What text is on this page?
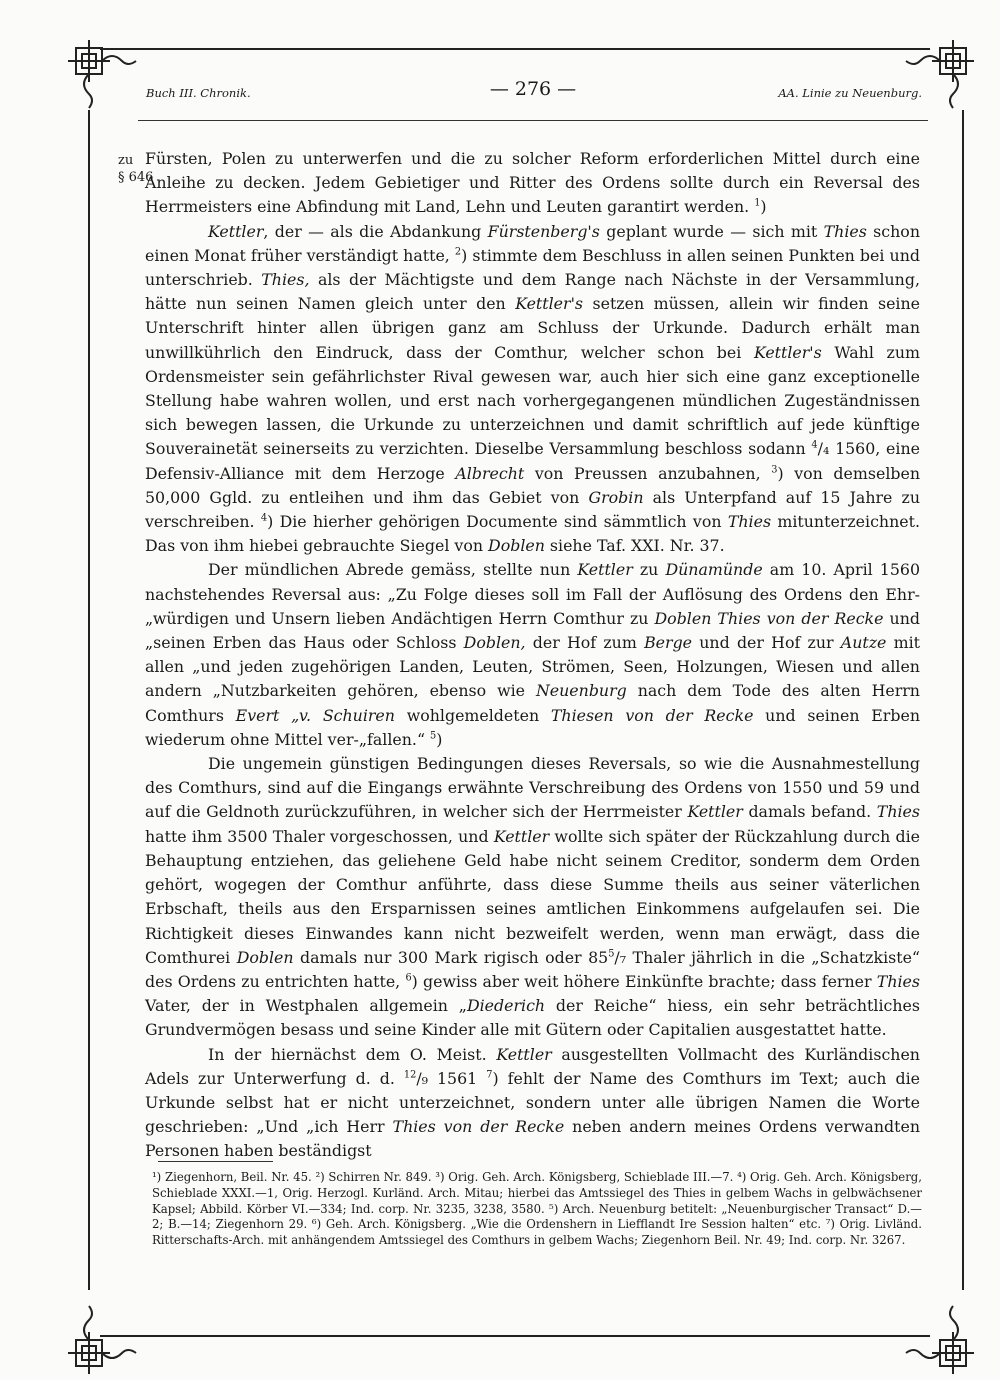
Buch III. Chronik.	— 276 —	AA. Linie zu Neuenburg.
zu
§ 646

Fürsten, Polen zu unterwerfen und die zu solcher Reform erforderlichen Mittel durch eine Anleihe zu decken. Jedem Gebietiger und Ritter des Ordens sollte durch ein Reversal des Herrmeisters eine Abfindung mit Land, Lehn und Leuten garantirt werden. $^1$)

Kettler, der — als die Abdankung Fürstenberg's geplant wurde — sich mit Thies schon einen Monat früher verständigt hatte, $^2$) stimmte dem Beschluss in allen seinen Punkten bei und unterschrieb. Thies, als der Mächtigste und dem Range nach Nächste in der Versammlung, hätte nun seinen Namen gleich unter den Kettler's setzen müssen, allein wir finden seine Unterschrift hinter allen übrigen ganz am Schluss der Urkunde. Dadurch erhält man unwillkührlich den Eindruck, dass der Comthur, welcher schon bei Kettler's Wahl zum Ordensmeister sein gefährlichster Rival gewesen war, auch hier sich eine ganz exceptionelle Stellung habe wahren wollen, und erst nach vorhergegangenen mündlichen Zugeständnissen sich bewegen lassen, die Urkunde zu unterzeichnen und damit schriftlich auf jede künftige Souverainetät seinerseits zu verzichten. Dieselbe Versammlung beschloss sodann $^4$/₄ 1560, eine Defensiv-Alliance mit dem Herzoge Albrecht von Preussen anzubahnen, $^3$) von demselben 50,000 Ggld. zu entleihen und ihm das Gebiet von Grobin als Unterpfand auf 15 Jahre zu verschreiben. $^4$) Die hierher gehörigen Documente sind sämmtlich von Thies mitunterzeichnet. Das von ihm hiebei gebrauchte Siegel von Doblen siehe Taf. XXI. Nr. 37.

Der mündlichen Abrede gemäss, stellte nun Kettler zu Dünamünde am 10. April 1560 nachstehendes Reversal aus: „Zu Folge dieses soll im Fall der Auflösung des Ordens den Ehr-„würdigen und Unsern lieben Andächtigen Herrn Comthur zu Doblen Thies von der Recke und „seinen Erben das Haus oder Schloss Doblen, der Hof zum Berge und der Hof zur Autze mit allen „und jeden zugehörigen Landen, Leuten, Strömen, Seen, Holzungen, Wiesen und allen andern „Nutzbarkeiten gehören, ebenso wie Neuenburg nach dem Tode des alten Herrn Comthurs Evert „v. Schuiren wohlgemeldeten Thiesen von der Recke und seinen Erben wiederum ohne Mittel ver-„fallen.“ $^5$)

Die ungemein günstigen Bedingungen dieses Reversals, so wie die Ausnahmestellung des Comthurs, sind auf die Eingangs erwähnte Verschreibung des Ordens von 1550 und 59 und auf die Geldnoth zurückzuführen, in welcher sich der Herrmeister Kettler damals befand. Thies hatte ihm 3500 Thaler vorgeschossen, und Kettler wollte sich später der Rückzahlung durch die Behauptung entziehen, das geliehene Geld habe nicht seinem Creditor, sonderm dem Orden gehört, wogegen der Comthur anführte, dass diese Summe theils aus seiner väterlichen Erbschaft, theils aus den Ersparnissen seines amtlichen Einkommens aufgelaufen sei. Die Richtigkeit dieses Einwandes kann nicht bezweifelt werden, wenn man erwägt, dass die Comthurei Doblen damals nur 300 Mark rigisch oder $85^5/_7$ Thaler jährlich in die „Schatzkiste“ des Ordens zu entrichten hatte, $^6$) gewiss aber weit höhere Einkünfte brachte; dass ferner Thies Vater, der in Westphalen allgemein „Diederich der Reiche“ hiess, ein sehr beträchtliches Grundvermögen besass und seine Kinder alle mit Gütern oder Capitalien ausgestattet hatte.

In der hiernächst dem O. Meist. Kettler ausgestellten Vollmacht des Kurländischen Adels zur Unterwerfung d. d. $^{12}$/₉ 1561 $^7$) fehlt der Name des Comthurs im Text; auch die Urkunde selbst hat er nicht unterzeichnet, sondern unter alle übrigen Namen die Worte geschrieben: „Und „ich Herr Thies von der Recke neben andern meines Ordens verwandten Personen haben beständigst

¹) Ziegenhorn, Beil. Nr. 45. ²) Schirren Nr. 849. ³) Orig. Geh. Arch. Königsberg, Schieblade III.—7. ⁴) Orig. Geh. Arch. Königsberg, Schieblade XXXI.—1, Orig. Herzogl. Kurländ. Arch. Mitau; hierbei das Amtssiegel des Thies in gelbem Wachs in gelbwächsener Kapsel; Abbild. Körber VI.—334; Ind. corp. Nr. 3235, 3238, 3580. ⁵) Arch. Neuenburg betitelt: „Neuenburgischer Transact“ D.—2; B.—14; Ziegenhorn 29. ⁶) Geh. Arch. Königsberg. „Wie die Ordenshern in Liefflandt Ire Session halten“ etc. ⁷) Orig. Livländ. Ritterschafts-Arch. mit anhängendem Amtssiegel des Comthurs in gelbem Wachs; Ziegenhorn Beil. Nr. 49; Ind. corp. Nr. 3267.
